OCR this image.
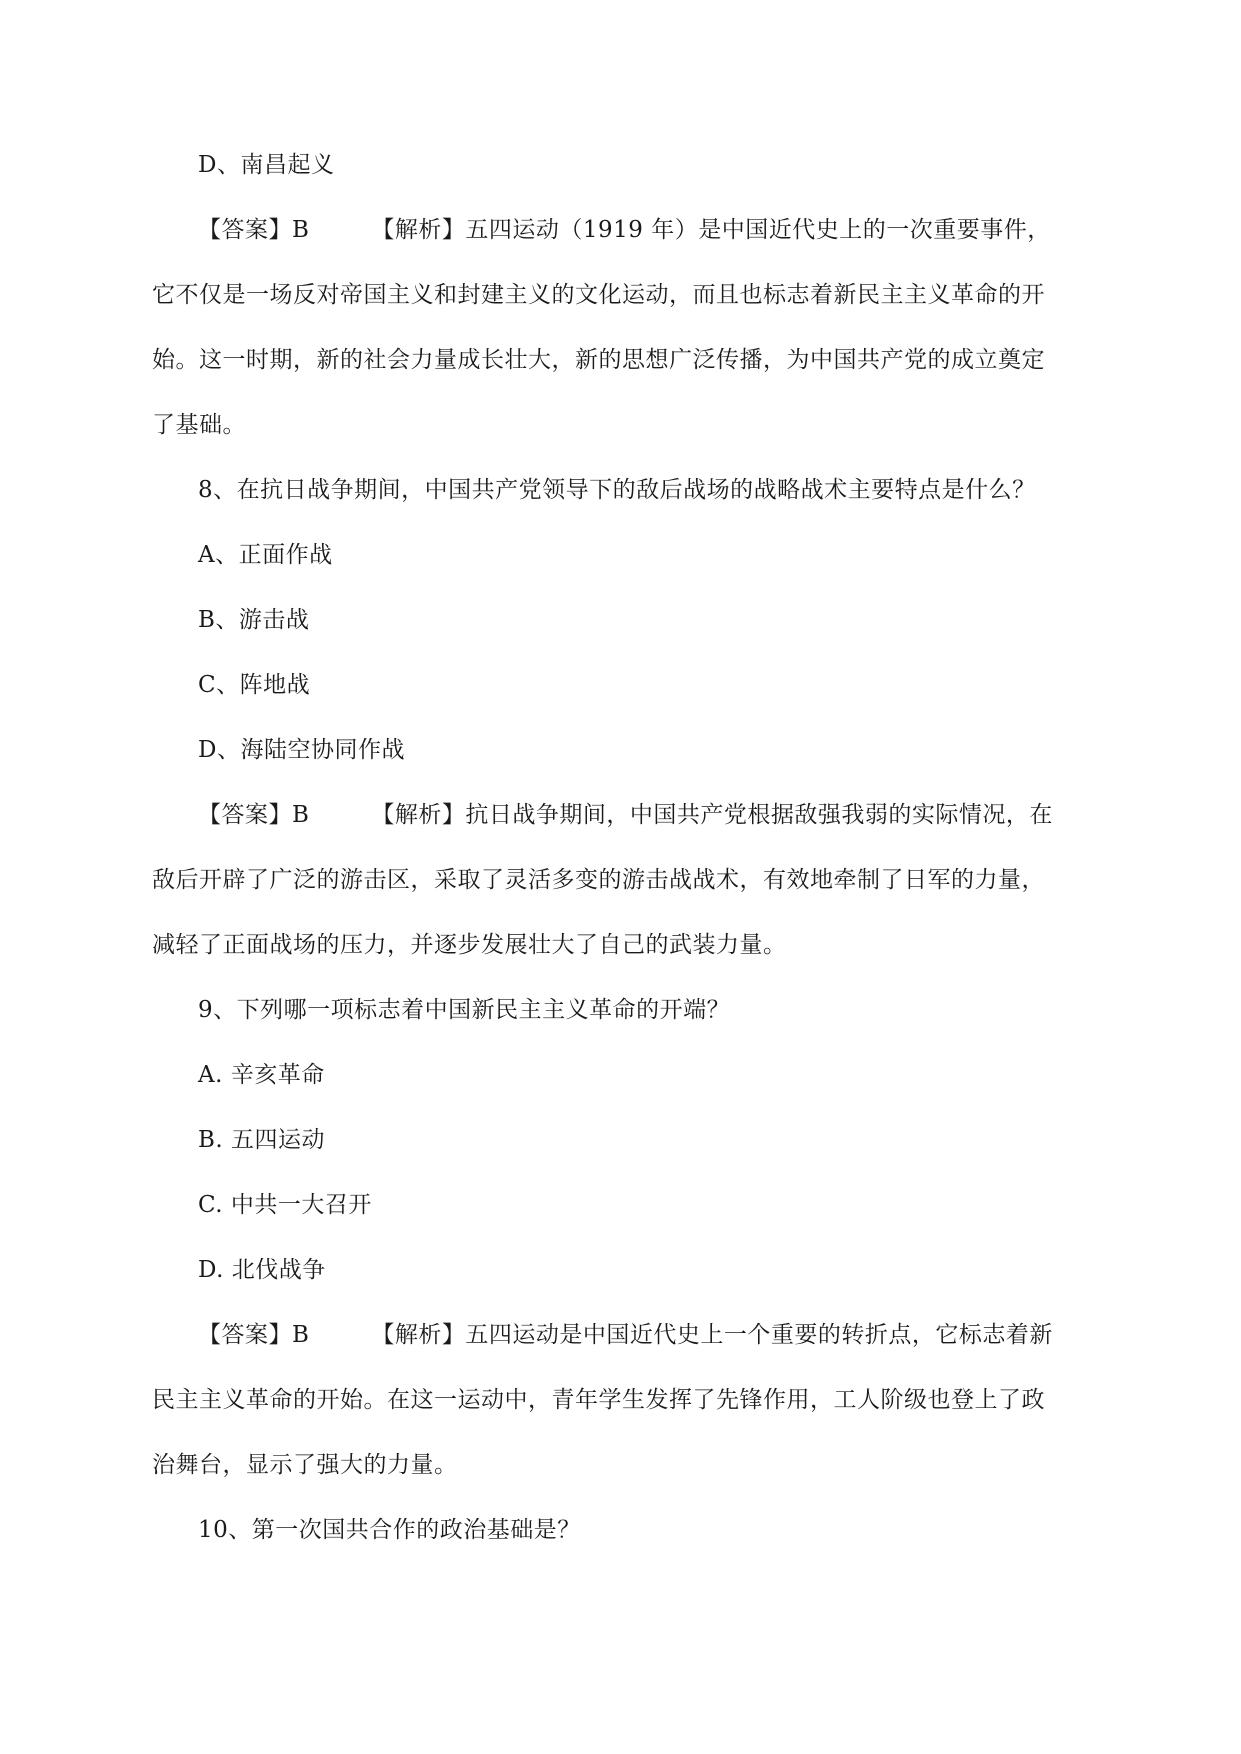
D、南昌起义
【答案】B	【解析】五四运动（1919 年）是中国近代史上的一次重要事件，
它不仅是一场反对帝国主义和封建主义的文化运动，而且也标志着新民主主义革命的开
始。这一时期，新的社会力量成长壮大，新的思想广泛传播，为中国共产党的成立奠定
了基础。
8、在抗日战争期间，中国共产党领导下的敌后战场的战略战术主要特点是什么？
A、正面作战
B、游击战
C、阵地战
D、海陆空协同作战
【答案】B	【解析】抗日战争期间，中国共产党根据敌强我弱的实际情况，在
敌后开辟了广泛的游击区，采取了灵活多变的游击战战术，有效地牵制了日军的力量，
减轻了正面战场的压力，并逐步发展壮大了自己的武装力量。
9、下列哪一项标志着中国新民主主义革命的开端？
A. 辛亥革命
B. 五四运动
C. 中共一大召开
D. 北伐战争
【答案】B	【解析】五四运动是中国近代史上一个重要的转折点，它标志着新
民主主义革命的开始。在这一运动中，青年学生发挥了先锋作用，工人阶级也登上了政
治舞台，显示了强大的力量。
10、第一次国共合作的政治基础是？
